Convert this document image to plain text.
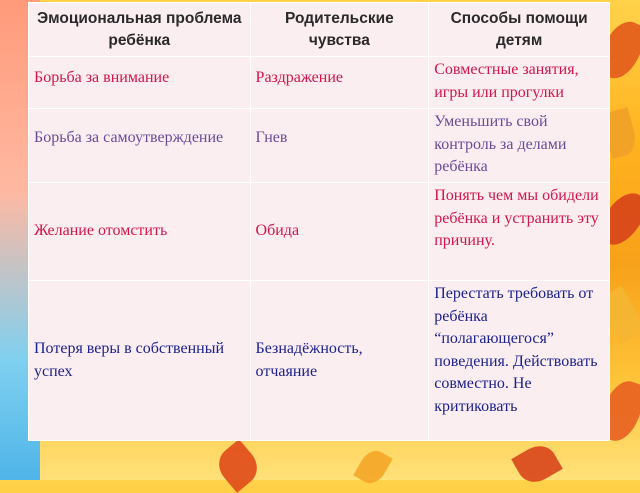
Эмоциональная проблема ребёнка	Родительские чувства	Способы помощи детям
Борьба за внимание	Раздражение	Совместные занятия, игры или прогулки
Борьба за самоутверждение	Гнев	Уменьшить свой контроль за делами ребёнка
Желание отомстить	Обида	Понять чем мы обидели ребёнка и устранить эту причину.
Потеря веры в собственный успех	Безнадёжность, отчаяние	Перестать требовать от ребёнка “полагающегося” поведения. Действовать совместно. Не критиковать
